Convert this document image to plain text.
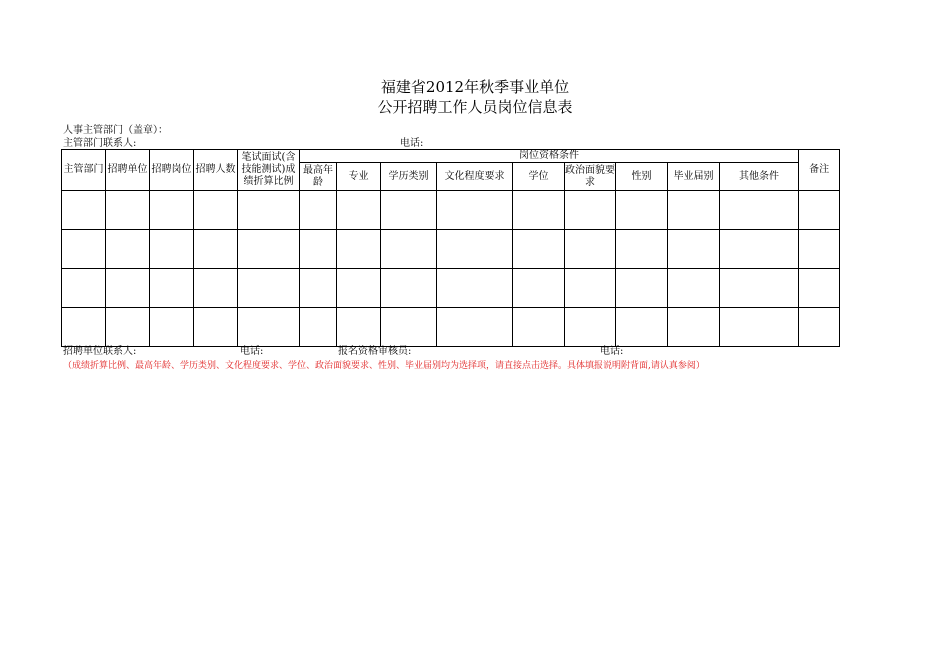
福建省2012年秋季事业单位
公开招聘工作人员岗位信息表
人事主管部门（盖章）：
主管部门联系人:	电话:
主管部门	招聘单位	招聘岗位	招聘人数	笔试面试(含技能测试)成绩折算比例	岗位资格条件									备注
					最高年龄	专业	学历类别	文化程度要求	学位	政治面貌要求	性别	毕业届别	其他条件	

招聘单位联系人:	电话:	报名资格审核员:	电话:
（成绩折算比例、最高年龄、学历类别、文化程度要求、学位、政治面貌要求、性别、毕业届别均为选择项，请直接点击选择。具体填报说明附背面,请认真参阅）
